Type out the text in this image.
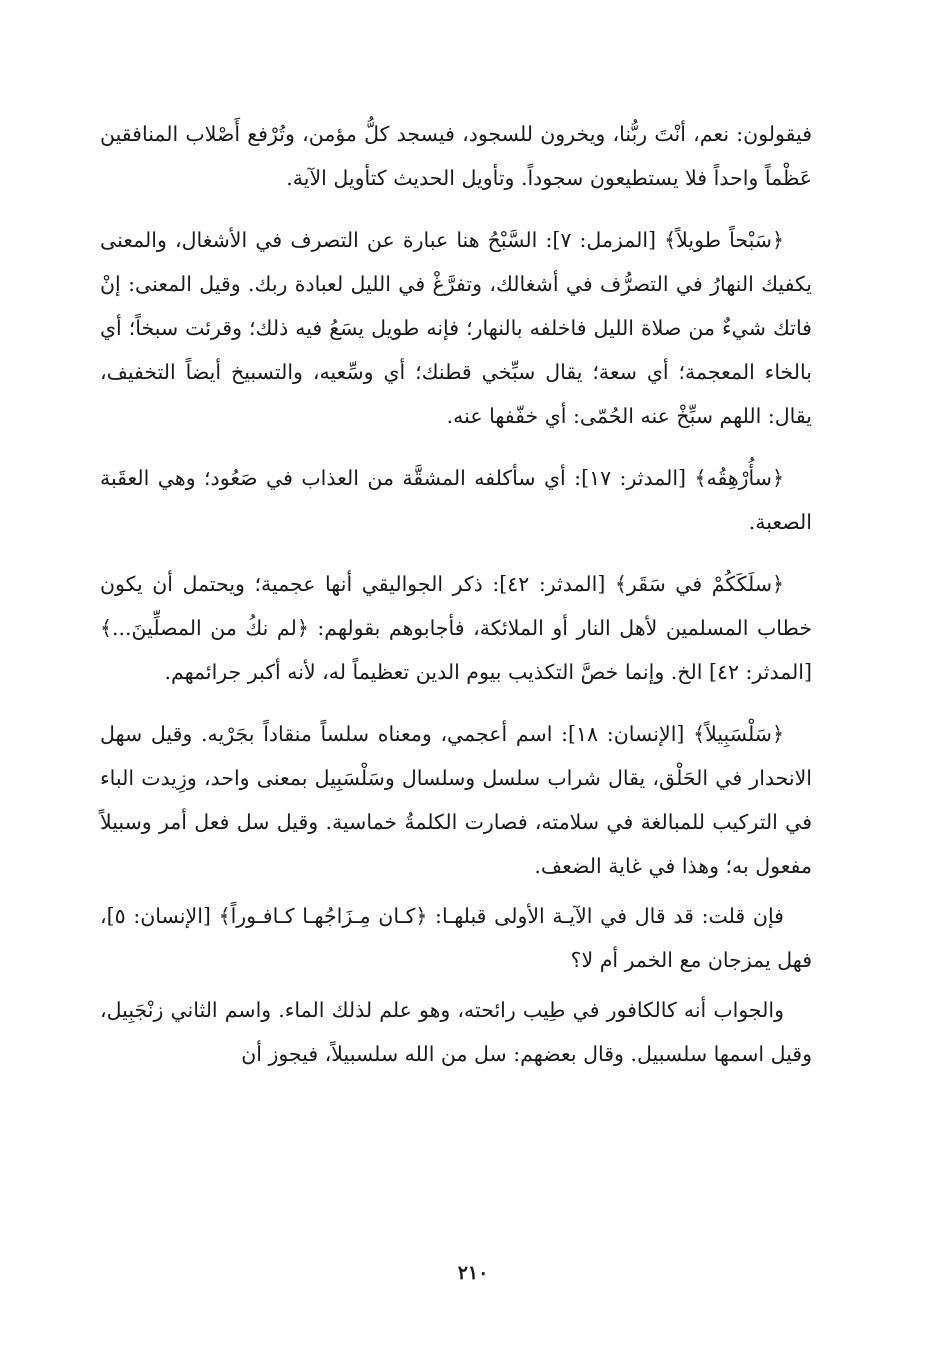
فيقولون: نعم، أنْتَ ربُّنا، ويخرون للسجود، فيسجد كلُّ مؤمن، وتُرْفع أَصْلاب المنافقين عَظْماً واحداً فلا يستطيعون سجوداً. وتأويل الحديث كتأويل الآية.

﴿سَبْحاً طويلاً﴾ [المزمل: ٧]: السَّبْحُ هنا عبارة عن التصرف في الأشغال، والمعنى يكفيك النهارُ في التصرُّف في أشغالك، وتفرَّغْ في الليل لعبادة ربك. وقيل المعنى: إنْ فاتك شيءٌ من صلاة الليل فاخلفه بالنهار؛ فإنه طويل يسَعُ فيه ذلك؛ وقرئت سبخاً؛ أي بالخاء المعجمة؛ أي سعة؛ يقال سبِّخي قطنك؛ أي وسِّعيه، والتسبيخ أيضاً التخفيف، يقال: اللهم سبِّخْ عنه الحُمّى: أي خفّفها عنه.

﴿سأُرْهِقُه﴾ [المدثر: ١٧]: أي سأكلفه المشقَّة من العذاب في صَعُود؛ وهي العقَبة الصعبة.

﴿سلَكَكُمْ في سَقَر﴾ [المدثر: ٤٢]: ذكر الجواليقي أنها عجمية؛ ويحتمل أن يكون خطاب المسلمين لأهل النار أو الملائكة، فأجابوهم بقولهم: ﴿لم نكُ من المصلِّينَ...﴾ [المدثر: ٤٢] الخ. وإنما خصَّ التكذيب بيوم الدين تعظيماً له، لأنه أكبر جرائمهم.

﴿سَلْسَبِيلاً﴾ [الإنسان: ١٨]: اسم أعجمي، ومعناه سلساً منقاداً بجَرْيه. وقيل سهل الانحدار في الحَلْق، يقال شراب سلسل وسلسال وسَلْسَبِيل بمعنى واحد، وزِيدت الباء في التركيب للمبالغة في سلامته، فصارت الكلمةُ خماسية. وقيل سل فعل أمر وسبيلاً مفعول به؛ وهذا في غاية الضعف.

فإن قلت: قد قال في الآيـة الأولى قبلهـا: ﴿كـان مِـزَاجُهـا كـافـوراً﴾ [الإنسان: ٥]، فهل يمزجان مع الخمر أم لا؟

والجواب أنه كالكافور في طِيب رائحته، وهو علم لذلك الماء. واسم الثاني زنْجَبِيل، وقيل اسمها سلسبيل. وقال بعضهم: سل من الله سلسبيلاً، فيجوز أن

٢١٠
